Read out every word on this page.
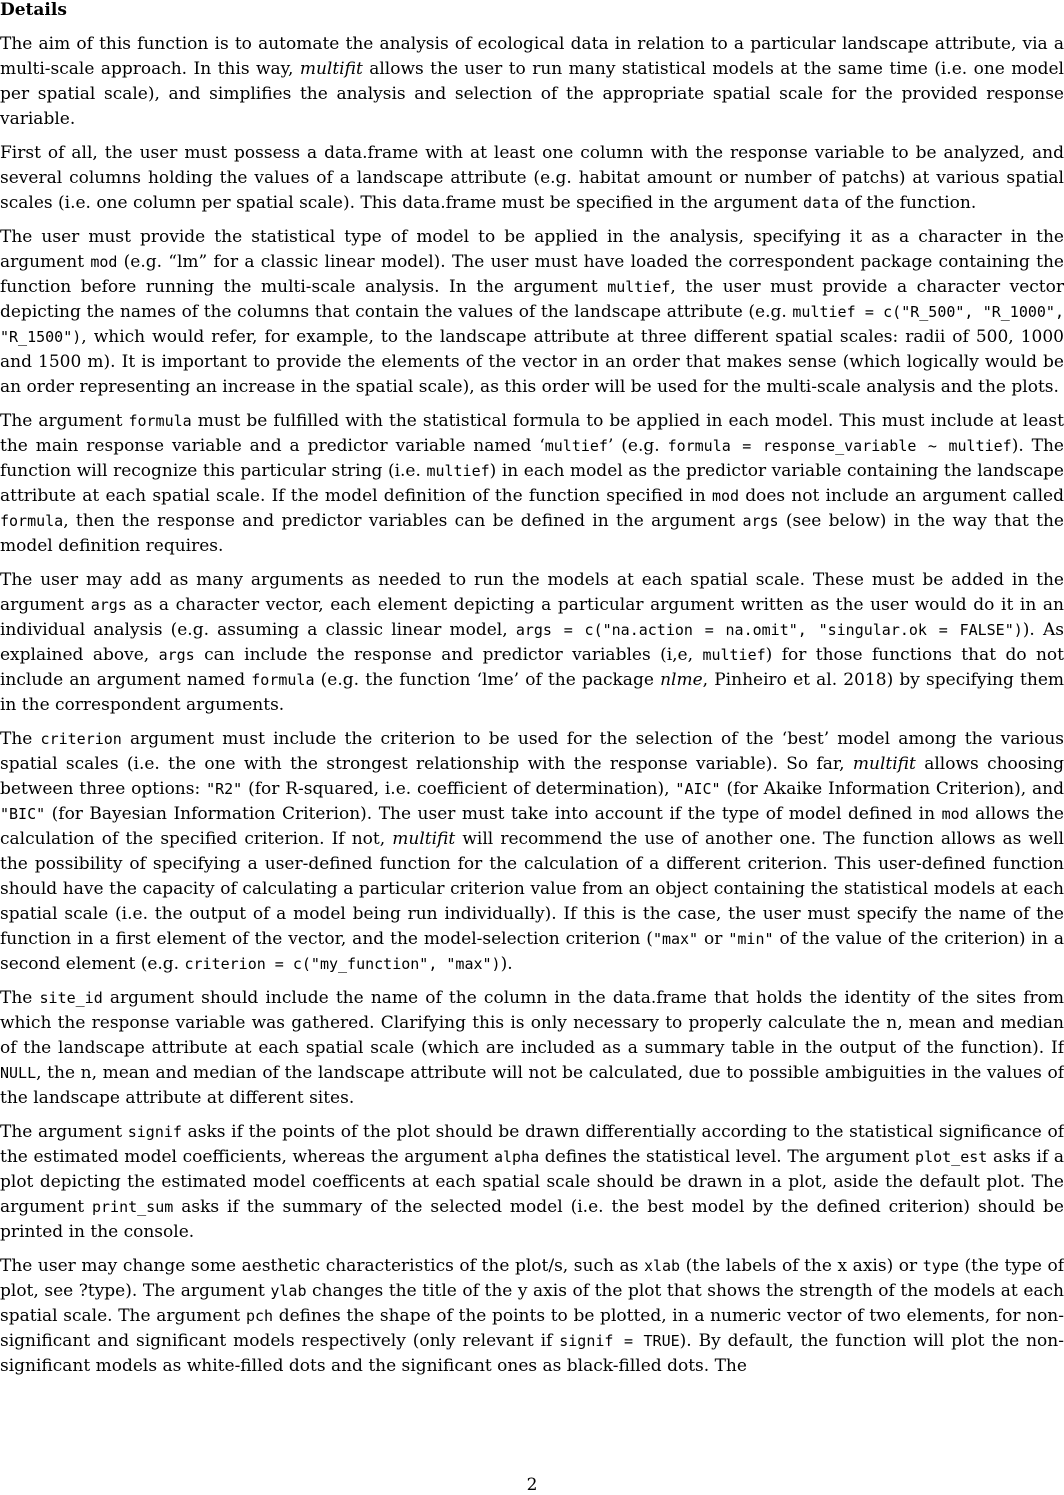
Details

The aim of this function is to automate the analysis of ecological data in relation to a particular landscape attribute, via a multi-scale approach. In this way, multifit allows the user to run many statistical models at the same time (i.e. one model per spatial scale), and simplifies the analysis and selection of the appropriate spatial scale for the provided response variable.

First of all, the user must possess a data.frame with at least one column with the response variable to be analyzed, and several columns holding the values of a landscape attribute (e.g. habitat amount or number of patchs) at various spatial scales (i.e. one column per spatial scale). This data.frame must be specified in the argument data of the function.

The user must provide the statistical type of model to be applied in the analysis, specifying it as a character in the argument mod (e.g. “lm” for a classic linear model). The user must have loaded the correspondent package containing the function before running the multi-scale analysis. In the argument multief, the user must provide a character vector depicting the names of the columns that contain the values of the landscape attribute (e.g. multief = c("R_500", "R_1000", "R_1500"), which would refer, for example, to the landscape attribute at three different spatial scales: radii of 500, 1000 and 1500 m). It is important to provide the elements of the vector in an order that makes sense (which logically would be an order representing an increase in the spatial scale), as this order will be used for the multi-scale analysis and the plots.

The argument formula must be fulfilled with the statistical formula to be applied in each model. This must include at least the main response variable and a predictor variable named ‘multief’ (e.g. formula = response_variable ~ multief). The function will recognize this particular string (i.e. multief) in each model as the predictor variable containing the landscape attribute at each spatial scale. If the model definition of the function specified in mod does not include an argument called formula, then the response and predictor variables can be defined in the argument args (see below) in the way that the model definition requires.

The user may add as many arguments as needed to run the models at each spatial scale. These must be added in the argument args as a character vector, each element depicting a particular argument written as the user would do it in an individual analysis (e.g. assuming a classic linear model, args = c("na.action = na.omit", "singular.ok = FALSE")). As explained above, args can include the response and predictor variables (i,e, multief) for those functions that do not include an argument named formula (e.g. the function ‘lme’ of the package nlme, Pinheiro et al. 2018) by specifying them in the correspondent arguments.

The criterion argument must include the criterion to be used for the selection of the ‘best’ model among the various spatial scales (i.e. the one with the strongest relationship with the response variable). So far, multifit allows choosing between three options: "R2" (for R-squared, i.e. coefficient of determination), "AIC" (for Akaike Information Criterion), and "BIC" (for Bayesian Information Criterion). The user must take into account if the type of model defined in mod allows the calculation of the specified criterion. If not, multifit will recommend the use of another one. The function allows as well the possibility of specifying a user-defined function for the calculation of a different criterion. This user-defined function should have the capacity of calculating a particular criterion value from an object containing the statistical models at each spatial scale (i.e. the output of a model being run individually). If this is the case, the user must specify the name of the function in a first element of the vector, and the model-selection criterion ("max" or "min" of the value of the criterion) in a second element (e.g. criterion = c("my_function", "max")).

The site_id argument should include the name of the column in the data.frame that holds the identity of the sites from which the response variable was gathered. Clarifying this is only necessary to properly calculate the n, mean and median of the landscape attribute at each spatial scale (which are included as a summary table in the output of the function). If NULL, the n, mean and median of the landscape attribute will not be calculated, due to possible ambiguities in the values of the landscape attribute at different sites.

The argument signif asks if the points of the plot should be drawn differentially according to the statistical significance of the estimated model coefficients, whereas the argument alpha defines the statistical level. The argument plot_est asks if a plot depicting the estimated model coefficents at each spatial scale should be drawn in a plot, aside the default plot. The argument print_sum asks if the summary of the selected model (i.e. the best model by the defined criterion) should be printed in the console.

The user may change some aesthetic characteristics of the plot/s, such as xlab (the labels of the x axis) or type (the type of plot, see ?type). The argument ylab changes the title of the y axis of the plot that shows the strength of the models at each spatial scale. The argument pch defines the shape of the points to be plotted, in a numeric vector of two elements, for non-significant and significant models respectively (only relevant if signif = TRUE). By default, the function will plot the non-significant models as white-filled dots and the significant ones as black-filled dots. The

2
